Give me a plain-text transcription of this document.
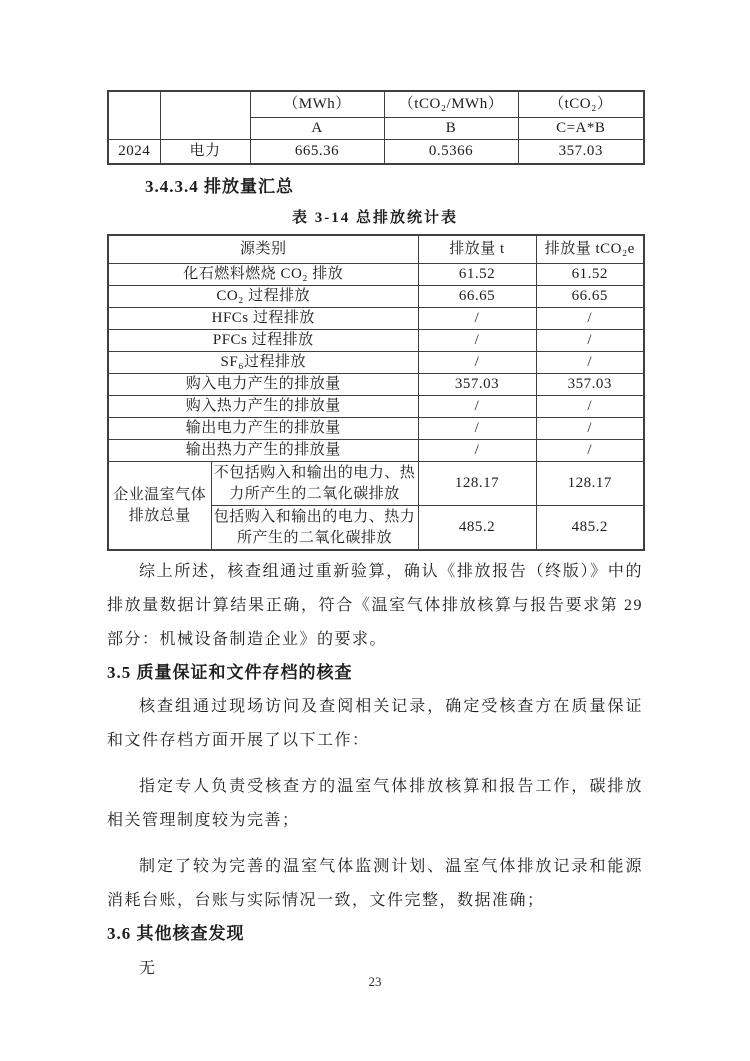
		（MWh）	（tCO₂/MWh）	（tCO₂）
		A	B	C=A*B
2024	电力	665.36	0.5366	357.03
3.4.3.4 排放量汇总
表 3-14 总排放统计表
源类别		排放量 t	排放量 tCO₂e
化石燃料燃烧 CO₂ 排放		61.52	61.52
CO₂ 过程排放		66.65	66.65
HFCs 过程排放		/	/
PFCs 过程排放		/	/
SF₆过程排放		/	/
购入电力产生的排放量		357.03	357.03
购入热力产生的排放量		/	/
输出电力产生的排放量		/	/
输出热力产生的排放量		/	/
企业温室气体排放总量	不包括购入和输出的电力、热力所产生的二氧化碳排放	128.17	128.17
	包括购入和输出的电力、热力所产生的二氧化碳排放	485.2	485.2

综上所述，核查组通过重新验算，确认《排放报告（终版）》中的排放量数据计算结果正确，符合《温室气体排放核算与报告要求第 29 部分：机械设备制造企业》的要求。

3.5 质量保证和文件存档的核查

核查组通过现场访问及查阅相关记录，确定受核查方在质量保证和文件存档方面开展了以下工作：

指定专人负责受核查方的温室气体排放核算和报告工作，碳排放相关管理制度较为完善；

制定了较为完善的温室气体监测计划、温室气体排放记录和能源消耗台账，台账与实际情况一致，文件完整，数据准确；

3.6 其他核查发现

无

23
